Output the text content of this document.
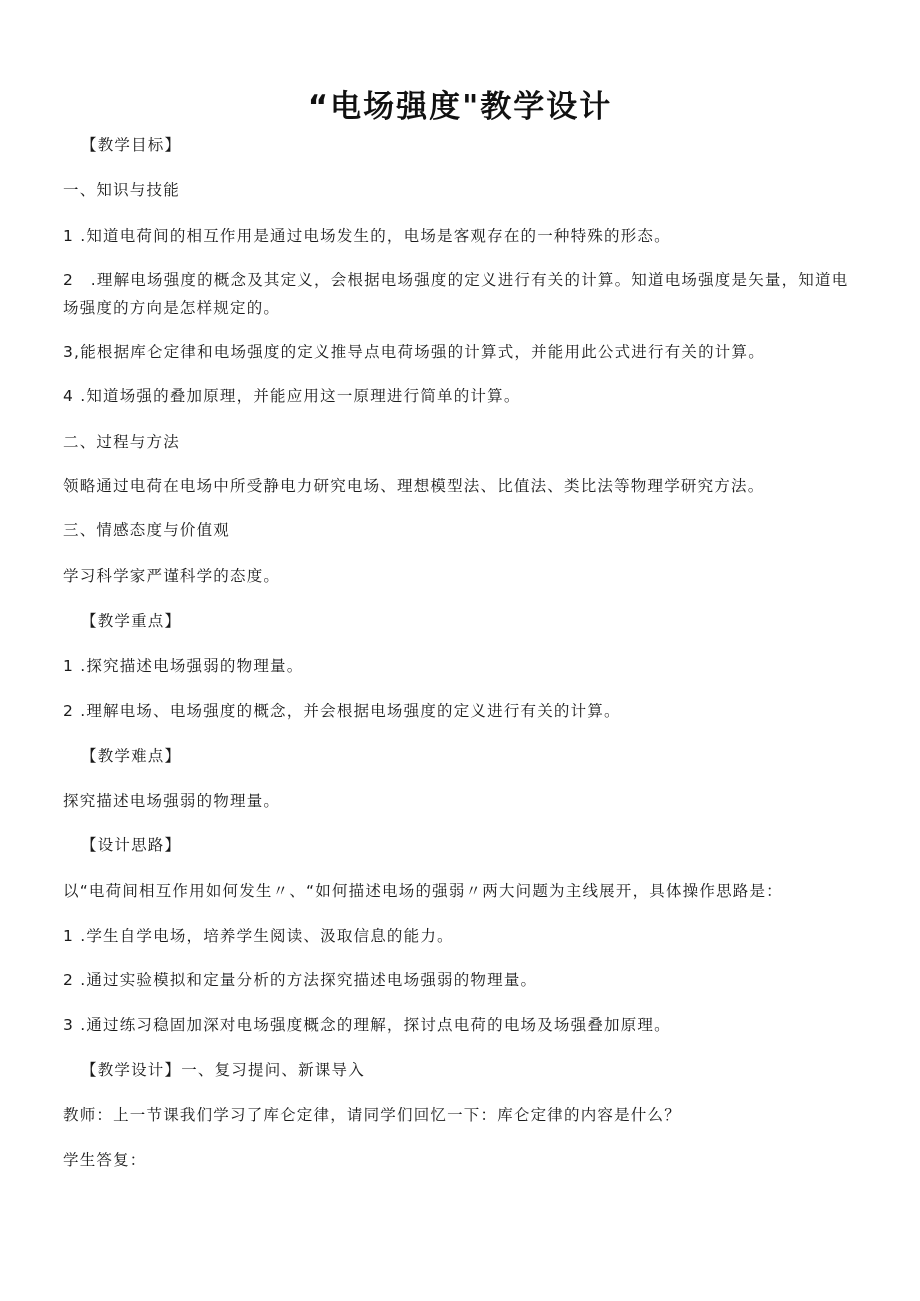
“电场强度"教学设计

【教学目标】

一、知识与技能

1 .知道电荷间的相互作用是通过电场发生的，电场是客观存在的一种特殊的形态。

2　.理解电场强度的概念及其定义，会根据电场强度的定义进行有关的计算。知道电场强度是矢量，知道电场强度的方向是怎样规定的。

3,能根据库仑定律和电场强度的定义推导点电荷场强的计算式，并能用此公式进行有关的计算。

4 .知道场强的叠加原理，并能应用这一原理进行简单的计算。

二、过程与方法

领略通过电荷在电场中所受静电力研究电场、理想模型法、比值法、类比法等物理学研究方法。

三、情感态度与价值观

学习科学家严谨科学的态度。

【教学重点】

1 .探究描述电场强弱的物理量。

2 .理解电场、电场强度的概念，并会根据电场强度的定义进行有关的计算。

【教学难点】

探究描述电场强弱的物理量。

【设计思路】

以“电荷间相互作用如何发生〃、“如何描述电场的强弱〃两大问题为主线展开，具体操作思路是：

1 .学生自学电场，培养学生阅读、汲取信息的能力。

2 .通过实验模拟和定量分析的方法探究描述电场强弱的物理量。

3 .通过练习稳固加深对电场强度概念的理解，探讨点电荷的电场及场强叠加原理。

【教学设计】一、复习提问、新课导入

教师：上一节课我们学习了库仑定律，请同学们回忆一下：库仑定律的内容是什么？

学生答复：
